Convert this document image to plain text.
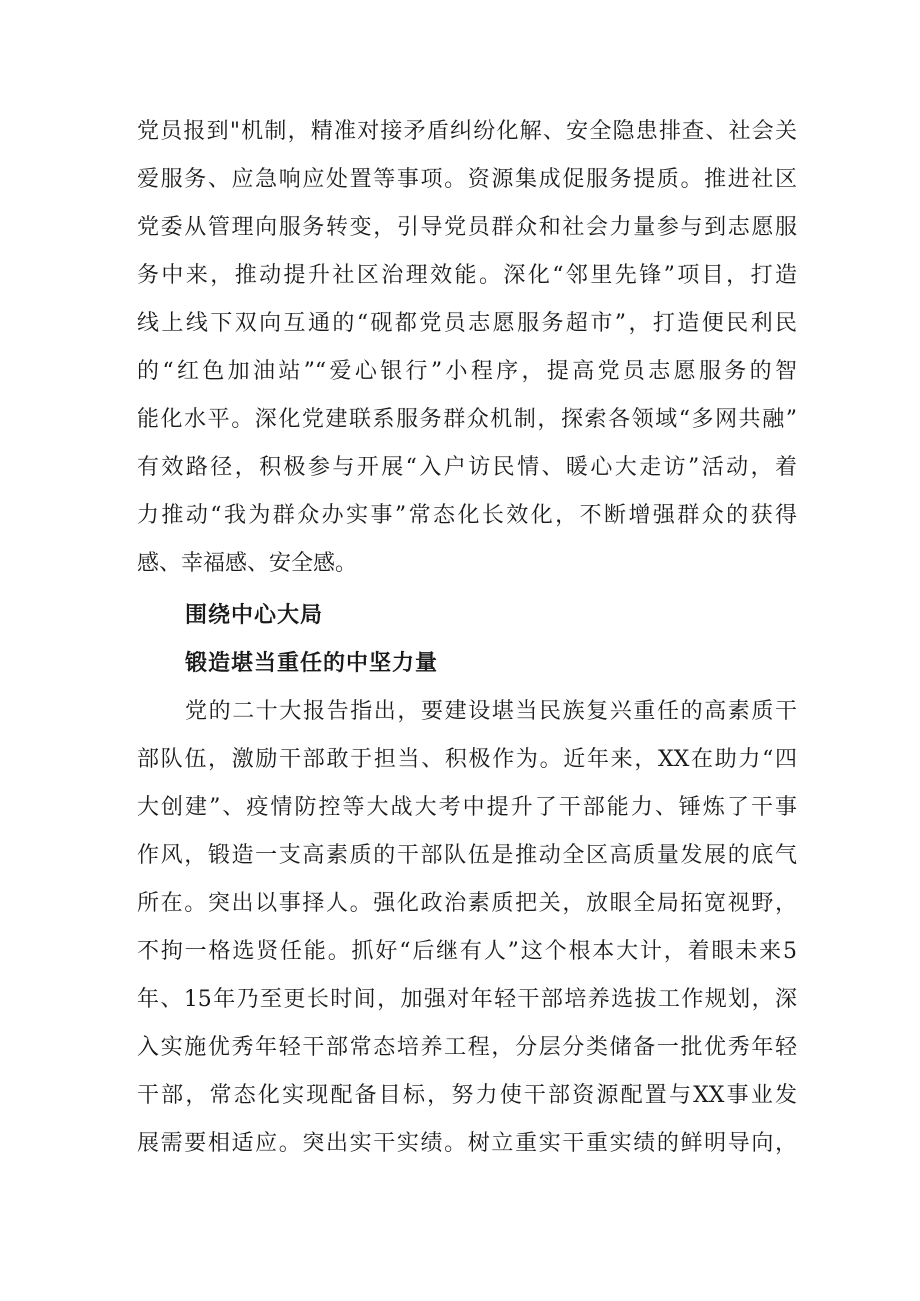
党员报到"机制，精准对接矛盾纠纷化解、安全隐患排查、社会关
爱服务、应急响应处置等事项。资源集成促服务提质。推进社区
党委从管理向服务转变，引导党员群众和社会力量参与到志愿服
务中来，推动提升社区治理效能。深化“邻里先锋”项目，打造
线上线下双向互通的“砚都党员志愿服务超市”，打造便民利民
的“红色加油站”“爱心银行”小程序，提高党员志愿服务的智
能化水平。深化党建联系服务群众机制，探索各领域“多网共融”
有效路径，积极参与开展“入户访民情、暖心大走访”活动，着
力推动“我为群众办实事”常态化长效化，不断增强群众的获得
感、幸福感、安全感。
围绕中心大局
锻造堪当重任的中坚力量
党的二十大报告指出，要建设堪当民族复兴重任的高素质干
部队伍，激励干部敢于担当、积极作为。近年来，XX在助力“四
大创建”、疫情防控等大战大考中提升了干部能力、锤炼了干事
作风，锻造一支高素质的干部队伍是推动全区高质量发展的底气
所在。突出以事择人。强化政治素质把关，放眼全局拓宽视野，
不拘一格选贤任能。抓好“后继有人”这个根本大计，着眼未来5
年、15年乃至更长时间，加强对年轻干部培养选拔工作规划，深
入实施优秀年轻干部常态培养工程，分层分类储备一批优秀年轻
干部，常态化实现配备目标，努力使干部资源配置与XX事业发
展需要相适应。突出实干实绩。树立重实干重实绩的鲜明导向，
